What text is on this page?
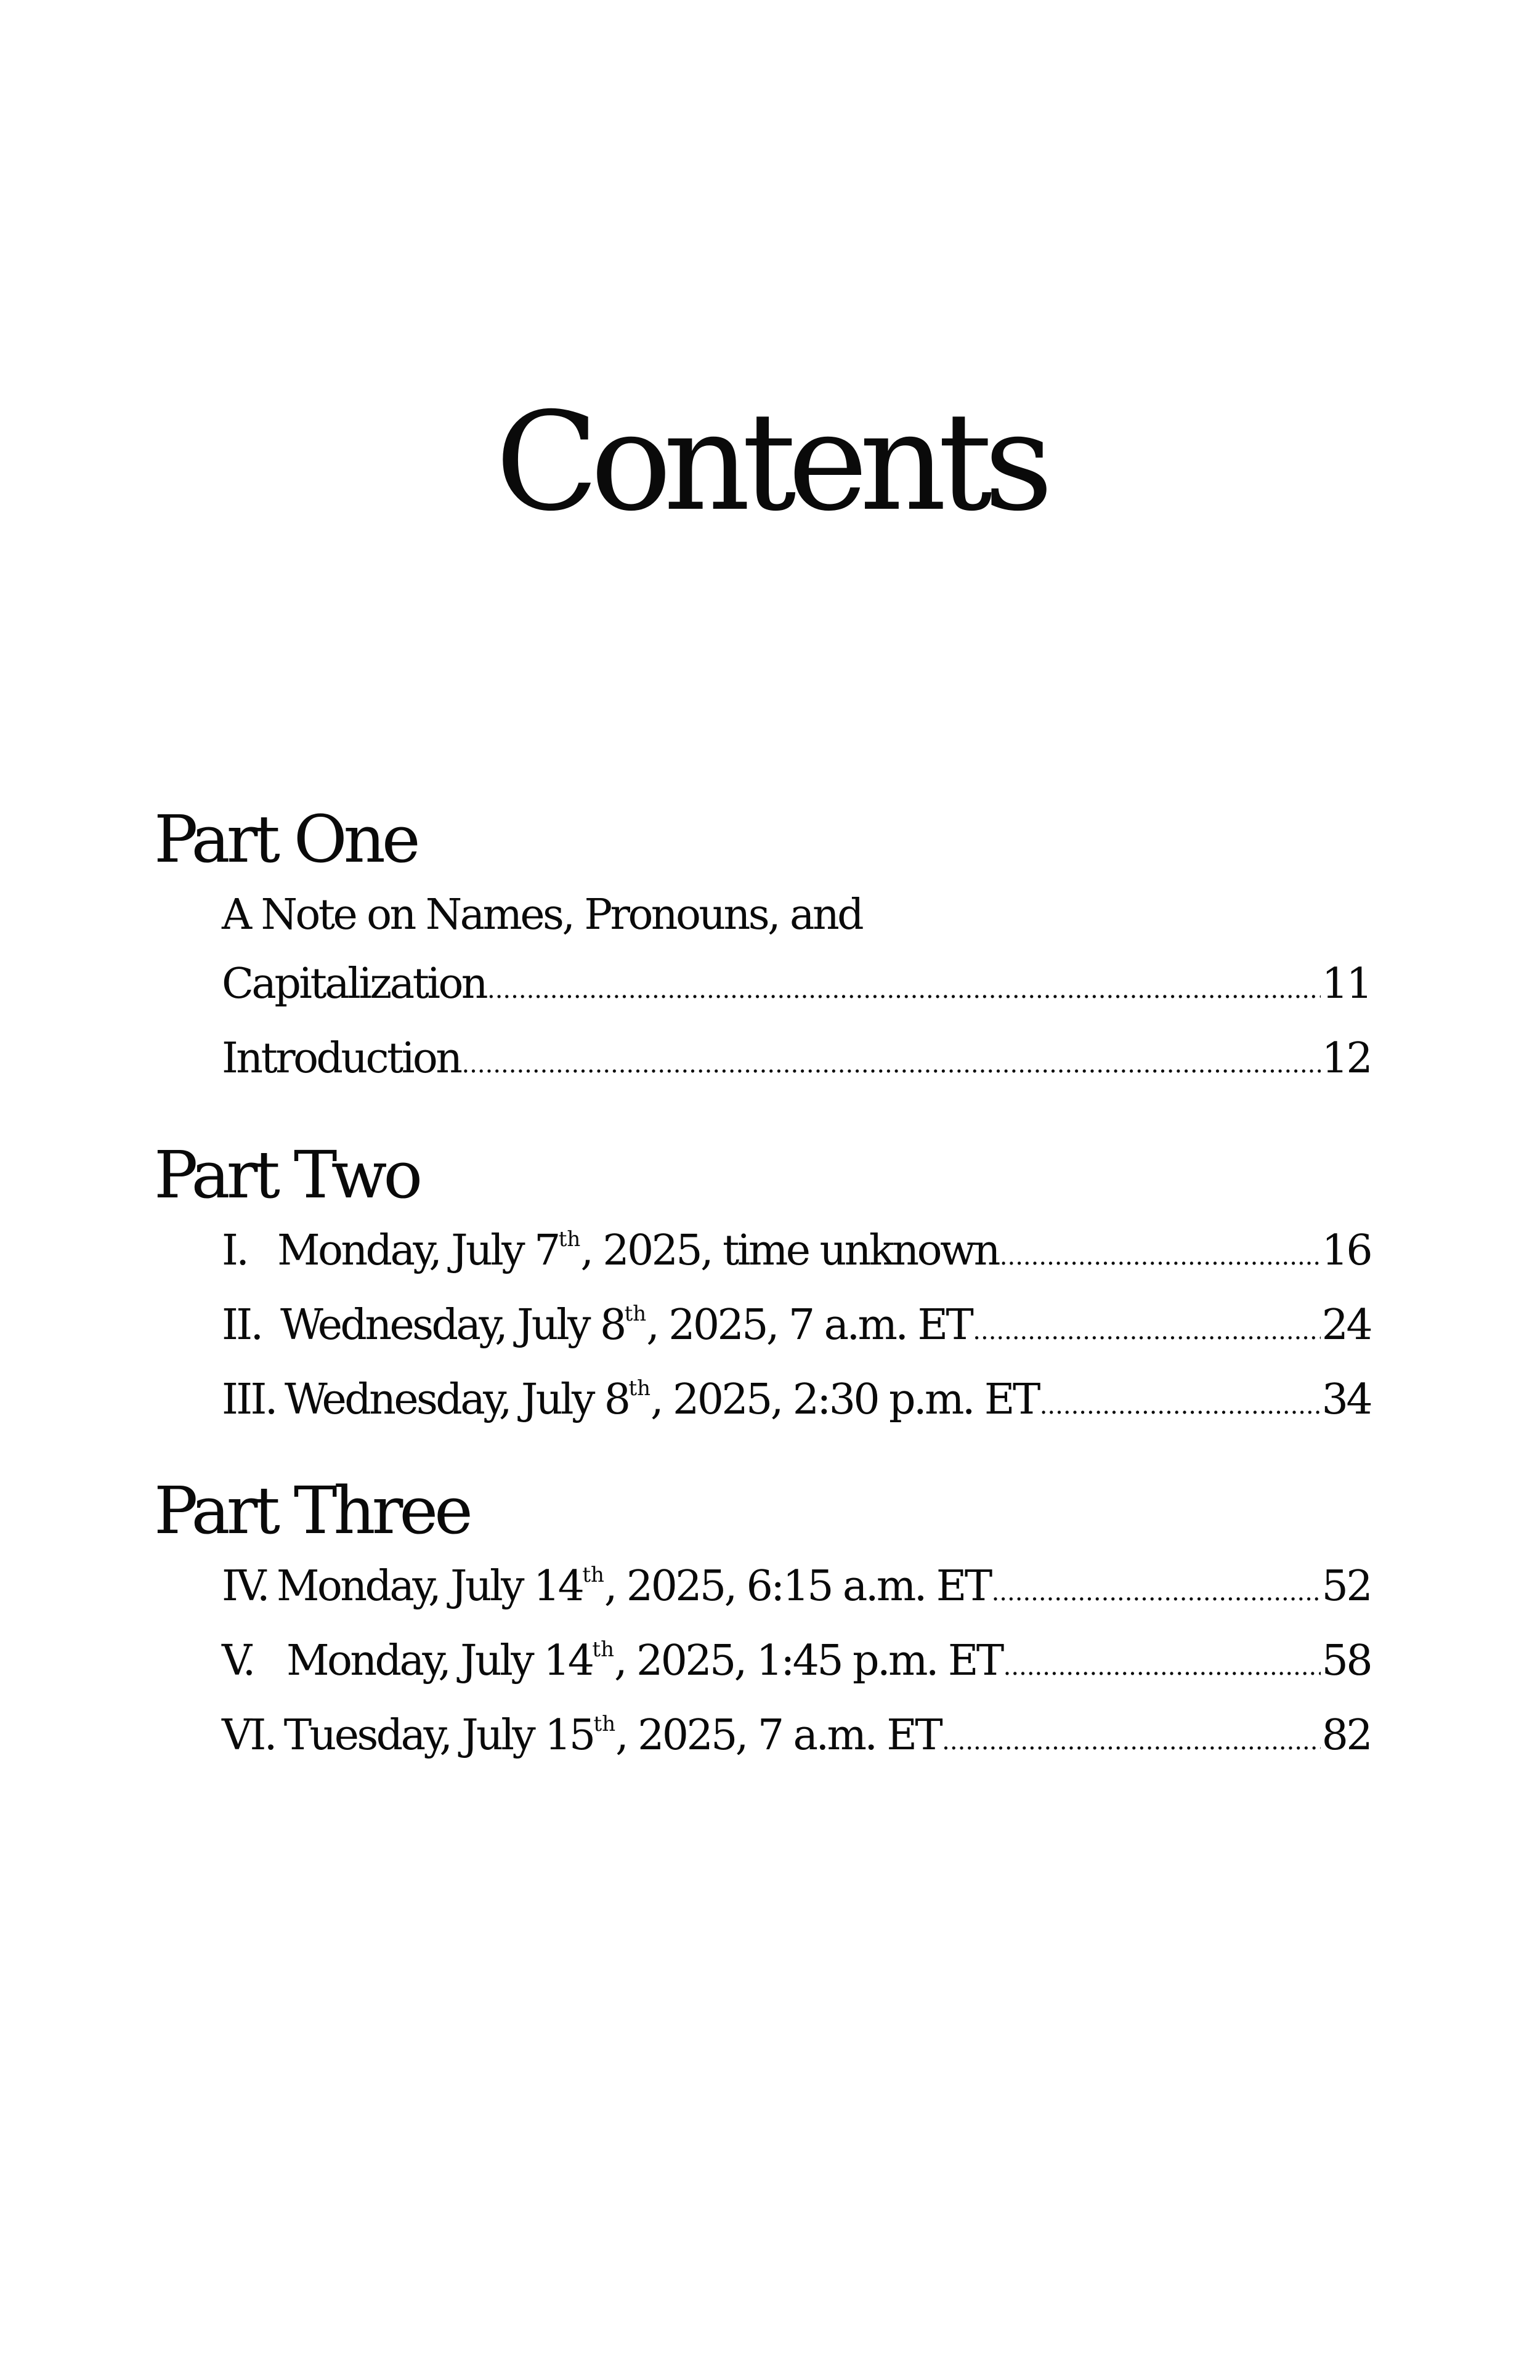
Contents
Part One
A Note on Names, Pronouns, and
Capitalization .....	11
Introduction .....	12
Part Two
I. Monday, July 7th, 2025, time unknown .....	16
II. Wednesday, July 8th, 2025, 7 a.m. ET .....	24
III. Wednesday, July 8th, 2025, 2:30 p.m. ET .....	34
Part Three
IV. Monday, July 14th, 2025, 6:15 a.m. ET .....	52
V. Monday, July 14th, 2025, 1:45 p.m. ET .....	58
VI. Tuesday, July 15th, 2025, 7 a.m. ET .....	82
